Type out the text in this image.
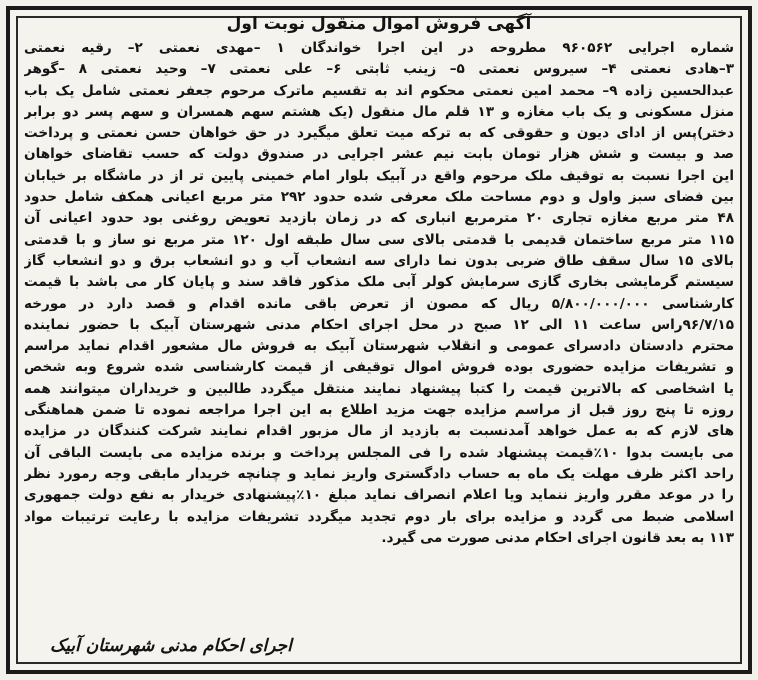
آگهی فروش اموال منقول نوبت اول
شماره اجرایی ۹۶۰۵۶۲ مطروحه در این اجرا خواندگان ۱ –مهدی نعمتی ۲– رقیه نعمتی
۳–هادی نعمتی ۴– سیروس نعمتی ۵– زینب ثابتی ۶– علی نعمتی ۷– وحید نعمتی ۸ –گوهر
عبدالحسین زاده ۹– محمد امین نعمتی محکوم اند به تقسیم ماترک مرحوم جعفر نعمتی شامل یک باب
منزل مسکونی و یک باب مغازه و ۱۳ قلم مال منقول (یک هشتم سهم همسران و سهم پسر دو برابر
دختر)پس از ادای دیون و حقوقی که به ترکه میت تعلق میگیرد در حق خواهان حسن نعمتی و پرداخت
صد و بیست و شش هزار تومان بابت نیم عشر اجرایی در صندوق دولت که حسب تقاضای خواهان
این اجرا نسبت به توقیف ملک مرحوم واقع در آبیک بلوار امام خمینی پایین تر از در ماشگاه بر خیابان
بین فضای سبز واول و دوم مساحت ملک معرفی شده حدود ۲۹۲ متر مربع اعیانی همکف شامل حدود
۴۸ متر مربع مغازه تجاری ۲۰ مترمربع انباری که در زمان بازدید تعویض روغنی بود حدود اعیانی آن
۱۱۵ متر مربع ساختمان قدیمی با قدمتی بالای سی سال طبقه اول ۱۲۰ متر مربع نو ساز و با قدمتی
بالای ۱۵ سال سقف طاق ضربی بدون نما دارای سه انشعاب آب و دو انشعاب برق و دو انشعاب گاز
سیستم گرمایشی بخاری گازی سرمایش کولر آبی ملک مذکور فاقد سند و پایان کار می باشد با قیمت
کارشناسی ۵/۸۰۰/۰۰۰/۰۰۰ ریال که مصون از تعرض باقی مانده اقدام و قصد دارد در مورخه
۹۶/۷/۱۵راس ساعت ۱۱ الی ۱۲ صبح در محل اجرای احکام مدنی شهرستان آبیک با حضور نماینده
محترم دادستان دادسرای عمومی و انقلاب شهرستان آبیک به فروش مال مشعور اقدام نماید مراسم
و تشریفات مزایده حضوری بوده فروش اموال توقیفی از قیمت کارشناسی شده شروع وبه شخص
یا اشخاصی که بالاترین قیمت را کتبا پیشنهاد نمایند منتقل میگردد طالبین و خریداران میتوانند همه
روزه تا پنج روز قبل از مراسم مزایده جهت مزید اطلاع به این اجرا مراجعه نموده تا ضمن هماهنگی
های لازم که به عمل خواهد آمدنسبت به بازدید از مال مزبور اقدام نمایند شرکت کنندگان در مزایده
می بایست بدوا ۱۰٪قیمت پیشنهاد شده را فی المجلس پرداخت و برنده مزایده می بایست الباقی آن
راحد اکثر ظرف مهلت یک ماه به حساب دادگستری واریز نماید و چنانچه خریدار مابقی وجه رمورد نظر
را در موعد مقرر واریز ننماید ویا اعلام انصراف نماید مبلغ ۱۰٪پیشنهادی خریدار به نفع دولت جمهوری
اسلامی ضبط می گردد و مزایده برای بار دوم تجدید میگردد تشریفات مزایده با رعایت ترتیبات مواد
۱۱۳ به بعد قانون اجرای احکام مدنی صورت می گیرد.
اجرای احکام مدنی شهرستان آبیک
